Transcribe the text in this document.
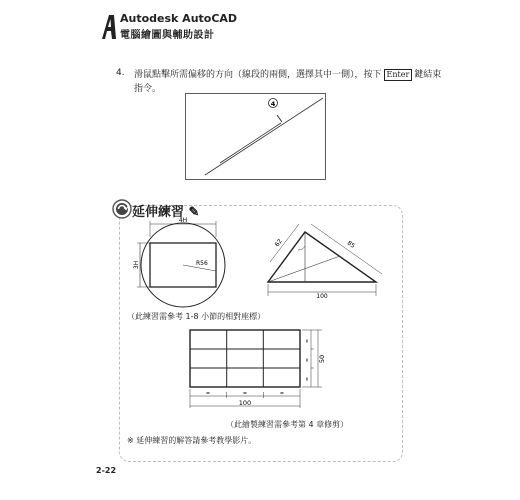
Autodesk AutoCAD
電腦繪圖與輔助設計
4. 滑鼠點擊所需偏移的方向（線段的兩側，選擇其中一側），按下 Enter 鍵結束
指令。
4
延伸練習 ✎
4H
3H	R56
100
62	85
（此練習需參考 1-8 小節的相對座標）
50
=
=
=
=	=	=
100
（此繪製練習需參考第 4 章修剪）
※ 延伸練習的解答請參考教學影片。
2-22
